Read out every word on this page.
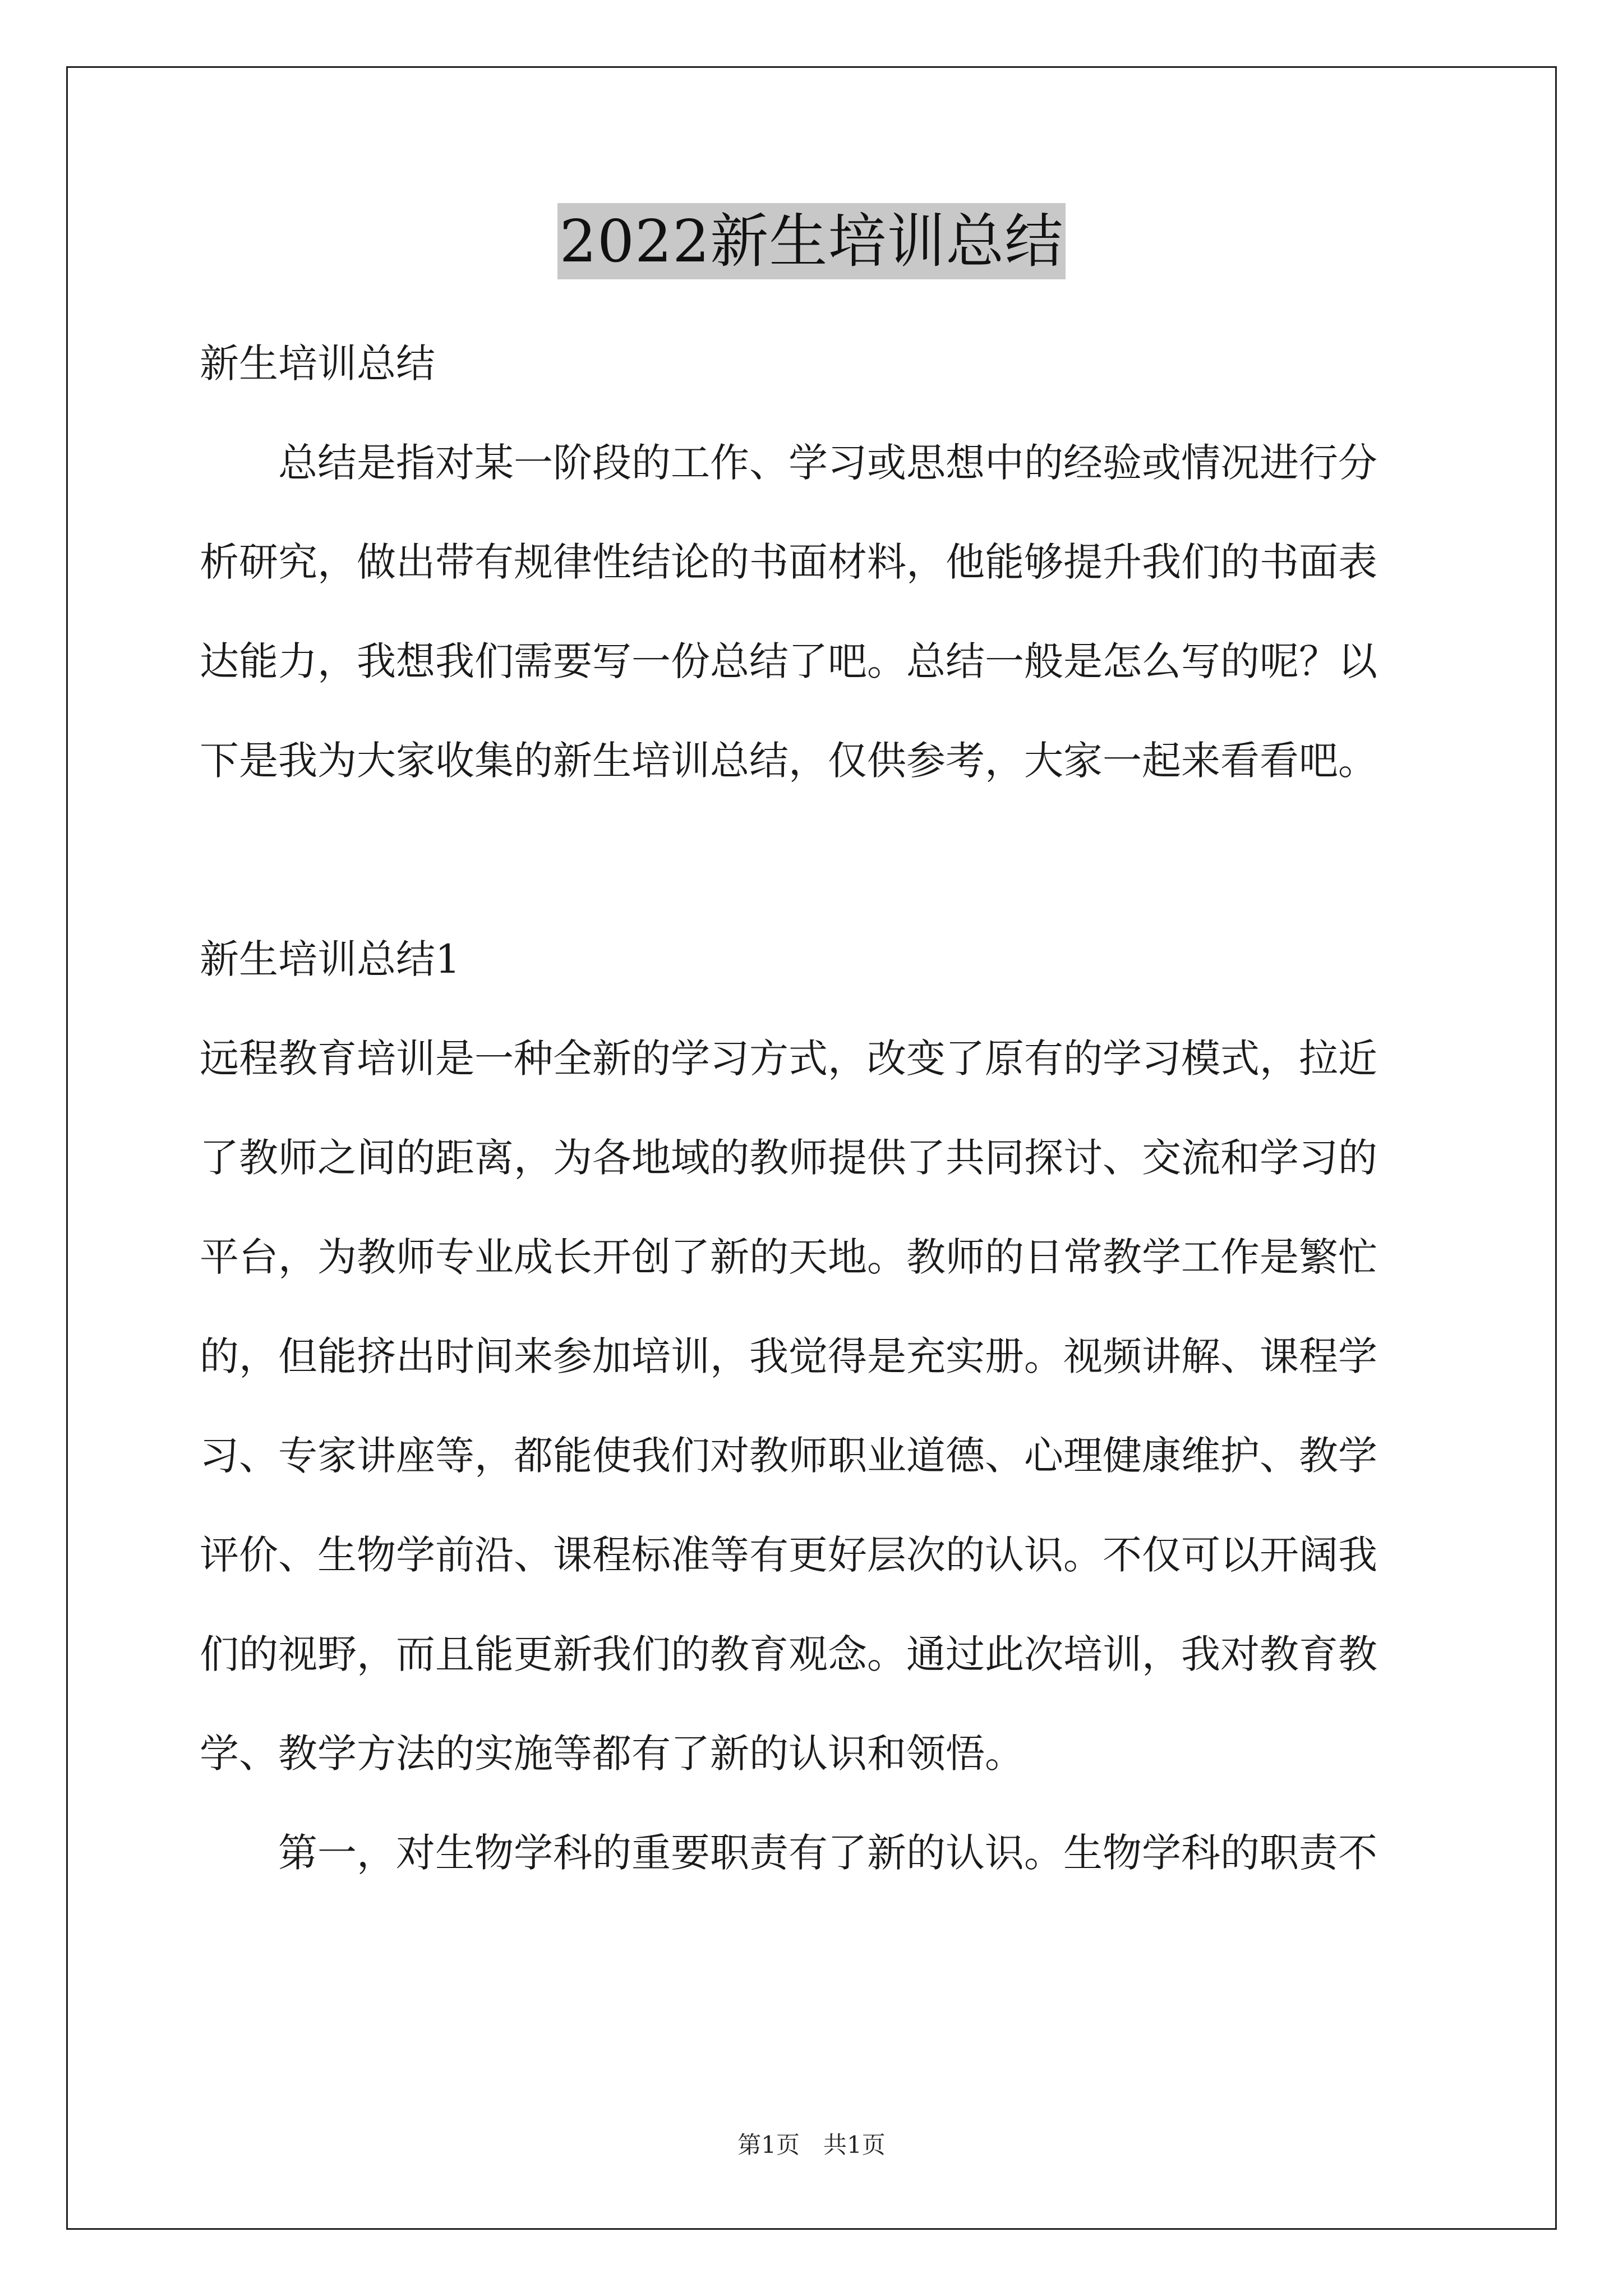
2022新生培训总结

新生培训总结

　　总结是指对某一阶段的工作、学习或思想中的经验或情况进行分

析研究，做出带有规律性结论的书面材料，他能够提升我们的书面表

达能力，我想我们需要写一份总结了吧。总结一般是怎么写的呢？以

下是我为大家收集的新生培训总结，仅供参考，大家一起来看看吧。

新生培训总结1

远程教育培训是一种全新的学习方式，改变了原有的学习模式，拉近

了教师之间的距离，为各地域的教师提供了共同探讨、交流和学习的

平台，为教师专业成长开创了新的天地。教师的日常教学工作是繁忙

的，但能挤出时间来参加培训，我觉得是充实册。视频讲解、课程学

习、专家讲座等，都能使我们对教师职业道德、心理健康维护、教学

评价、生物学前沿、课程标准等有更好层次的认识。不仅可以开阔我

们的视野，而且能更新我们的教育观念。通过此次培训，我对教育教

学、教学方法的实施等都有了新的认识和领悟。

　　第一，对生物学科的重要职责有了新的认识。生物学科的职责不

第1页　共1页
